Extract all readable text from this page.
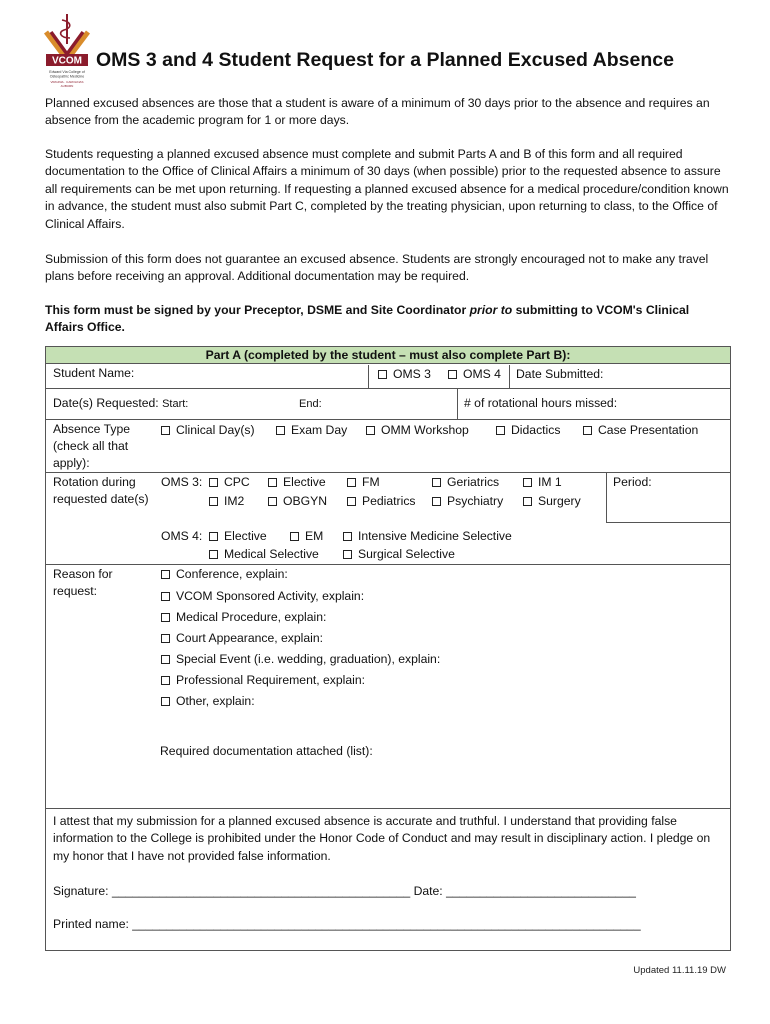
VCOM
Edward Via College of
Osteopathic Medicine
VIRGINIA · CAROLINAS
AUBURN
OMS 3 and 4 Student Request for a Planned Excused Absence
Planned excused absences are those that a student is aware of a minimum of 30 days prior to the absence and requires an absence from the academic program for 1 or more days.
Students requesting a planned excused absence must complete and submit Parts A and B of this form and all required documentation to the Office of Clinical Affairs a minimum of 30 days (when possible) prior to the requested absence to assure all requirements can be met upon returning. If requesting a planned excused absence for a medical procedure/condition known in advance, the student must also submit Part C, completed by the treating physician, upon returning to class, to the Office of Clinical Affairs.
Submission of this form does not guarantee an excused absence. Students are strongly encouraged not to make any travel plans before receiving an approval. Additional documentation may be required.
This form must be signed by your Preceptor, DSME and Site Coordinator prior to submitting to VCOM's Clinical Affairs Office.
Part A (completed by the student – must also complete Part B):
Student Name:	OMS 3	OMS 4 Date Submitted:
Date(s) Requested: Start:	End:	# of rotational hours missed:
Absence Type (check all that apply):
Clinical Day(s)	Exam Day	OMM Workshop	Didactics	Case Presentation
Rotation during requested date(s)
OMS 3:	CPC	Elective	FM	Geriatrics	IM 1
IM2	OBGYN	Pediatrics	Psychiatry	Surgery
Period:
OMS 4:	Elective	EM	Intensive Medicine Selective
Medical Selective	Surgical Selective
Reason for request:
Conference, explain:
VCOM Sponsored Activity, explain:
Medical Procedure, explain:
Court Appearance, explain:
Special Event (i.e. wedding, graduation), explain:
Professional Requirement, explain:
Other, explain:
Required documentation attached (list):
I attest that my submission for a planned excused absence is accurate and truthful. I understand that providing false information to the College is prohibited under the Honor Code of Conduct and may result in disciplinary action. I pledge on my honor that I have not provided false information.
Signature: ____________________________________________ Date: ____________________________
Printed name: ___________________________________________________________________________
Updated 11.11.19 DW
